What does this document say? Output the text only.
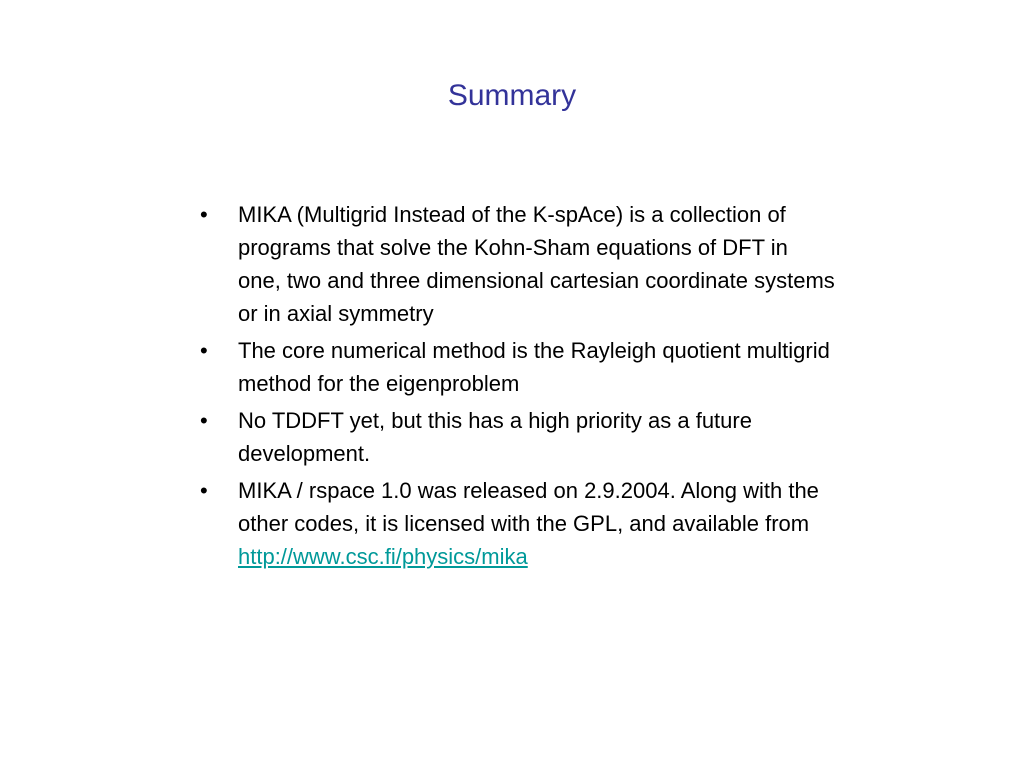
Summary
• MIKA (Multigrid Instead of the K-spAce) is a collection of programs that solve the Kohn-Sham equations of DFT in one, two and three dimensional cartesian coordinate systems or in axial symmetry
• The core numerical method is the Rayleigh quotient multigrid method for the eigenproblem
• No TDDFT yet, but this has a high priority as a future development.
• MIKA / rspace 1.0 was released on 2.9.2004. Along with the other codes, it is licensed with the GPL, and available from http://www.csc.fi/physics/mika
